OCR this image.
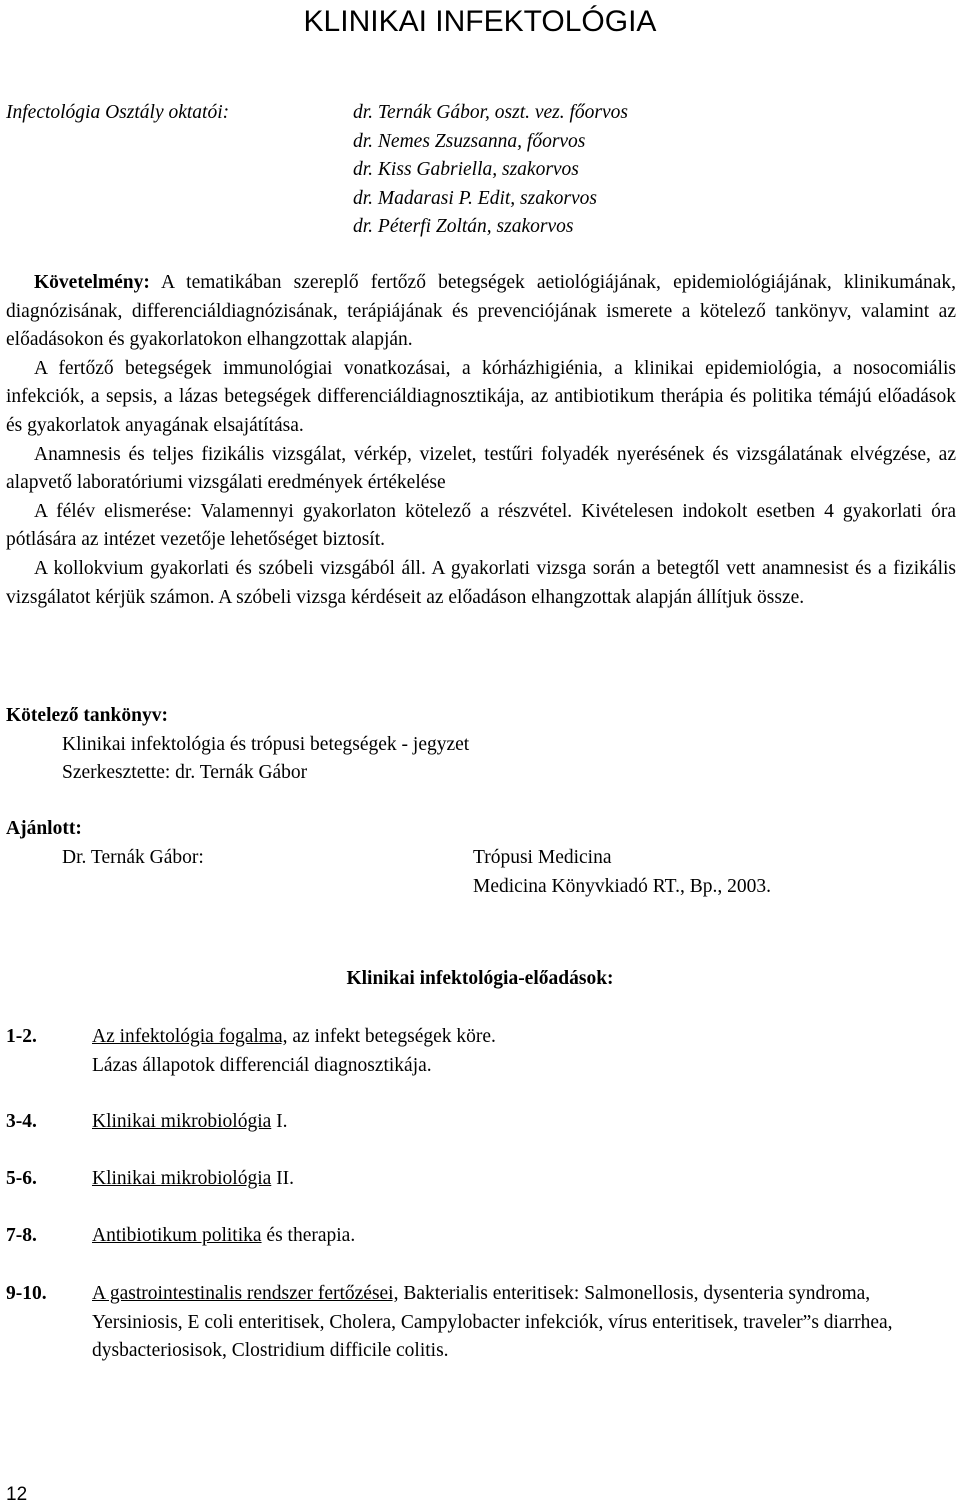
KLINIKAI INFEKTOLÓGIA
Infectológia Osztály oktatói:	dr. Ternák Gábor, oszt. vez. főorvos
dr. Nemes Zsuzsanna, főorvos
dr. Kiss Gabriella, szakorvos
dr. Madarasi P. Edit, szakorvos
dr. Péterfi Zoltán, szakorvos

Követelmény: A tematikában szereplő fertőző betegségek aetiológiájának, epidemiológiájának, klinikumának, diagnózisának, differenciáldiagnózisának, terápiájának és prevenciójának ismerete a kötelező tankönyv, valamint az előadásokon és gyakorlatokon elhangzottak alapján.

A fertőző betegségek immunológiai vonatkozásai, a kórházhigiénia, a klinikai epidemiológia, a nosocomiális infekciók, a sepsis, a lázas betegségek differenciáldiagnosztikája, az antibiotikum therápia és politika témájú előadások és gyakorlatok anyagának elsajátítása.

Anamnesis és teljes fizikális vizsgálat, vérkép, vizelet, testűri folyadék nyerésének és vizsgálatának elvégzése, az alapvető laboratóriumi vizsgálati eredmények értékelése

A félév elismerése: Valamennyi gyakorlaton kötelező a részvétel. Kivételesen indokolt esetben 4 gyakorlati óra pótlására az intézet vezetője lehetőséget biztosít.

A kollokvium gyakorlati és szóbeli vizsgából áll. A gyakorlati vizsga során a betegtől vett anamnesist és a fizikális vizsgálatot kérjük számon. A szóbeli vizsga kérdéseit az előadáson elhangzottak alapján állítjuk össze.

Kötelező tankönyv:
Klinikai infektológia és trópusi betegségek - jegyzet
Szerkesztette: dr. Ternák Gábor
Ajánlott:
Dr. Ternák Gábor:	Trópusi Medicina
Medicina Könyvkiadó RT., Bp., 2003.
Klinikai infektológia-előadások:
1-2.	Az infektológia fogalma, az infekt betegségek köre.
Lázas állapotok differenciál diagnosztikája.
3-4.	Klinikai mikrobiológia I.
5-6.	Klinikai mikrobiológia II.
7-8.	Antibiotikum politika és therapia.
9-10. A gastrointestinalis rendszer fertőzései, Bakterialis enteritisek: Salmonellosis, dysenteria syndroma, Yersiniosis, E coli enteritisek, Cholera, Campylobacter infekciók, vírus enteritisek, traveler”s diarrhea, dysbacteriosisok, Clostridium difficile colitis.
12
